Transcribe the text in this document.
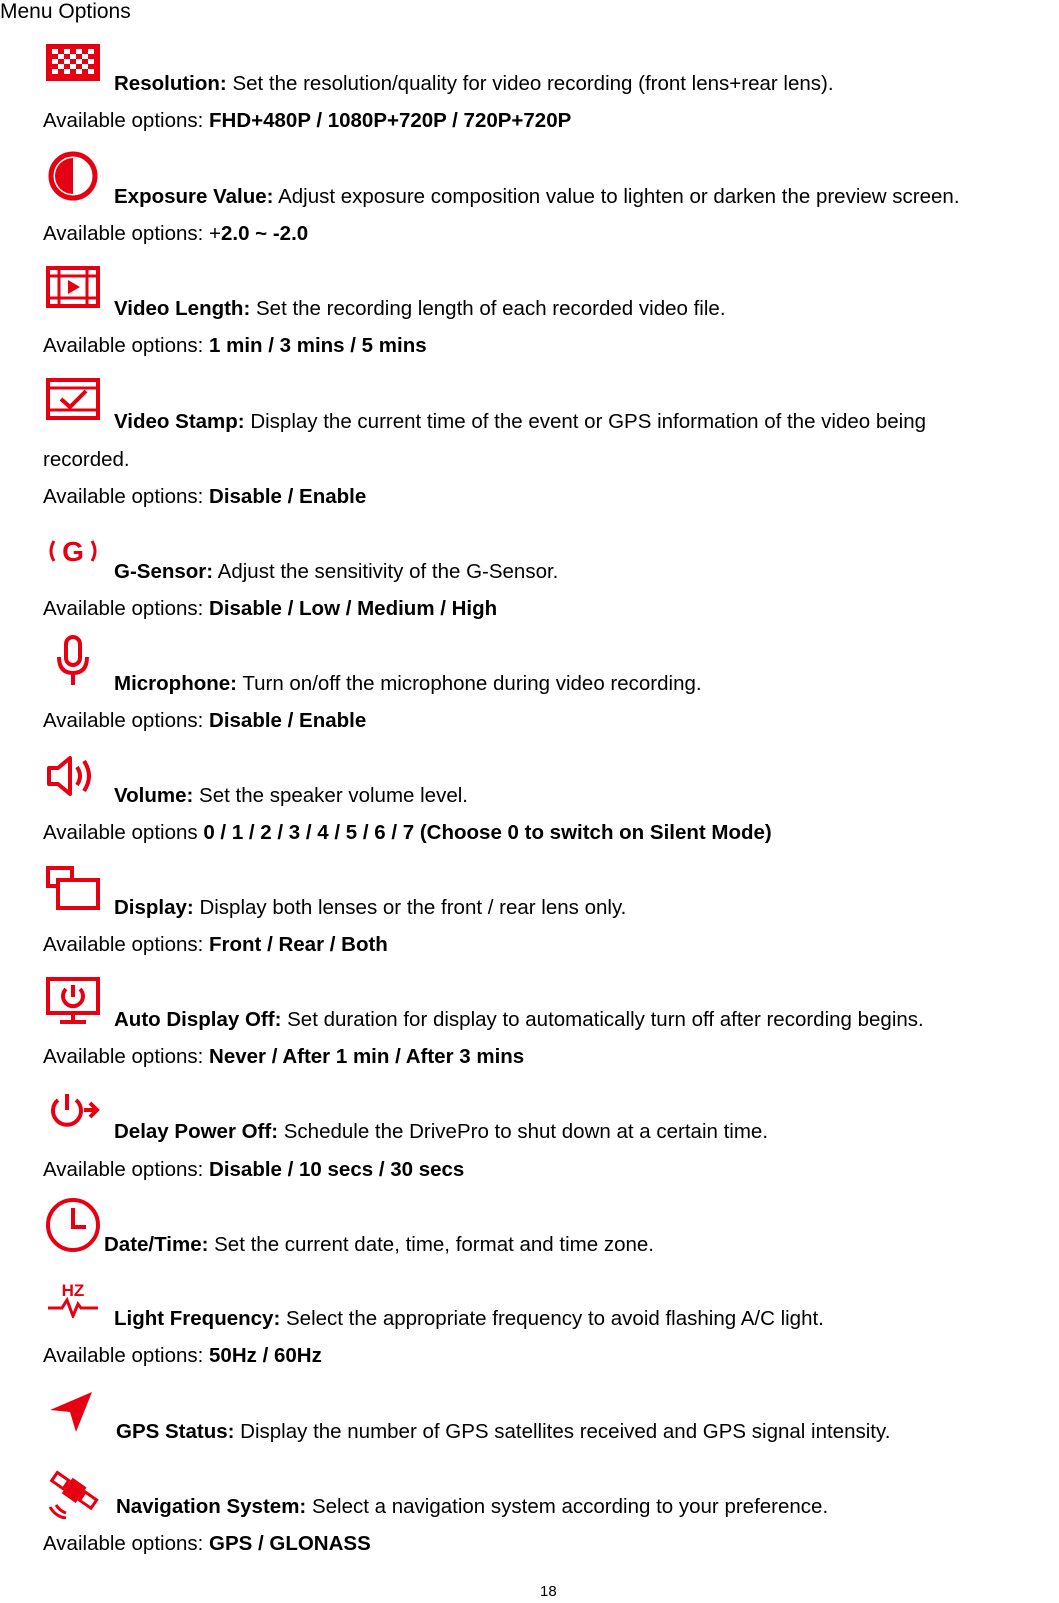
Menu Options
Resolution: Set the resolution/quality for video recording (front lens+rear lens).
Available options: FHD+480P / 1080P+720P / 720P+720P
Exposure Value: Adjust exposure composition value to lighten or darken the preview screen.
Available options: +2.0 ~ -2.0
Video Length: Set the recording length of each recorded video file.
Available options: 1 min / 3 mins / 5 mins
Video Stamp: Display the current time of the event or GPS information of the video being
recorded.
Available options: Disable / Enable
G
G-Sensor: Adjust the sensitivity of the G-Sensor.
Available options: Disable / Low / Medium / High
Microphone: Turn on/off the microphone during video recording.
Available options: Disable / Enable
Volume: Set the speaker volume level.
Available options 0 / 1 / 2 / 3 / 4 / 5 / 6 / 7 (Choose 0 to switch on Silent Mode)
Display: Display both lenses or the front / rear lens only.
Available options: Front / Rear / Both
Auto Display Off: Set duration for display to automatically turn off after recording begins.
Available options: Never / After 1 min / After 3 mins
Delay Power Off: Schedule the DrivePro to shut down at a certain time.
Available options: Disable / 10 secs / 30 secs
Date/Time: Set the current date, time, format and time zone.
HZ
Light Frequency: Select the appropriate frequency to avoid flashing A/C light.
Available options: 50Hz / 60Hz
GPS Status: Display the number of GPS satellites received and GPS signal intensity.
Navigation System: Select a navigation system according to your preference.
Available options: GPS / GLONASS
18
